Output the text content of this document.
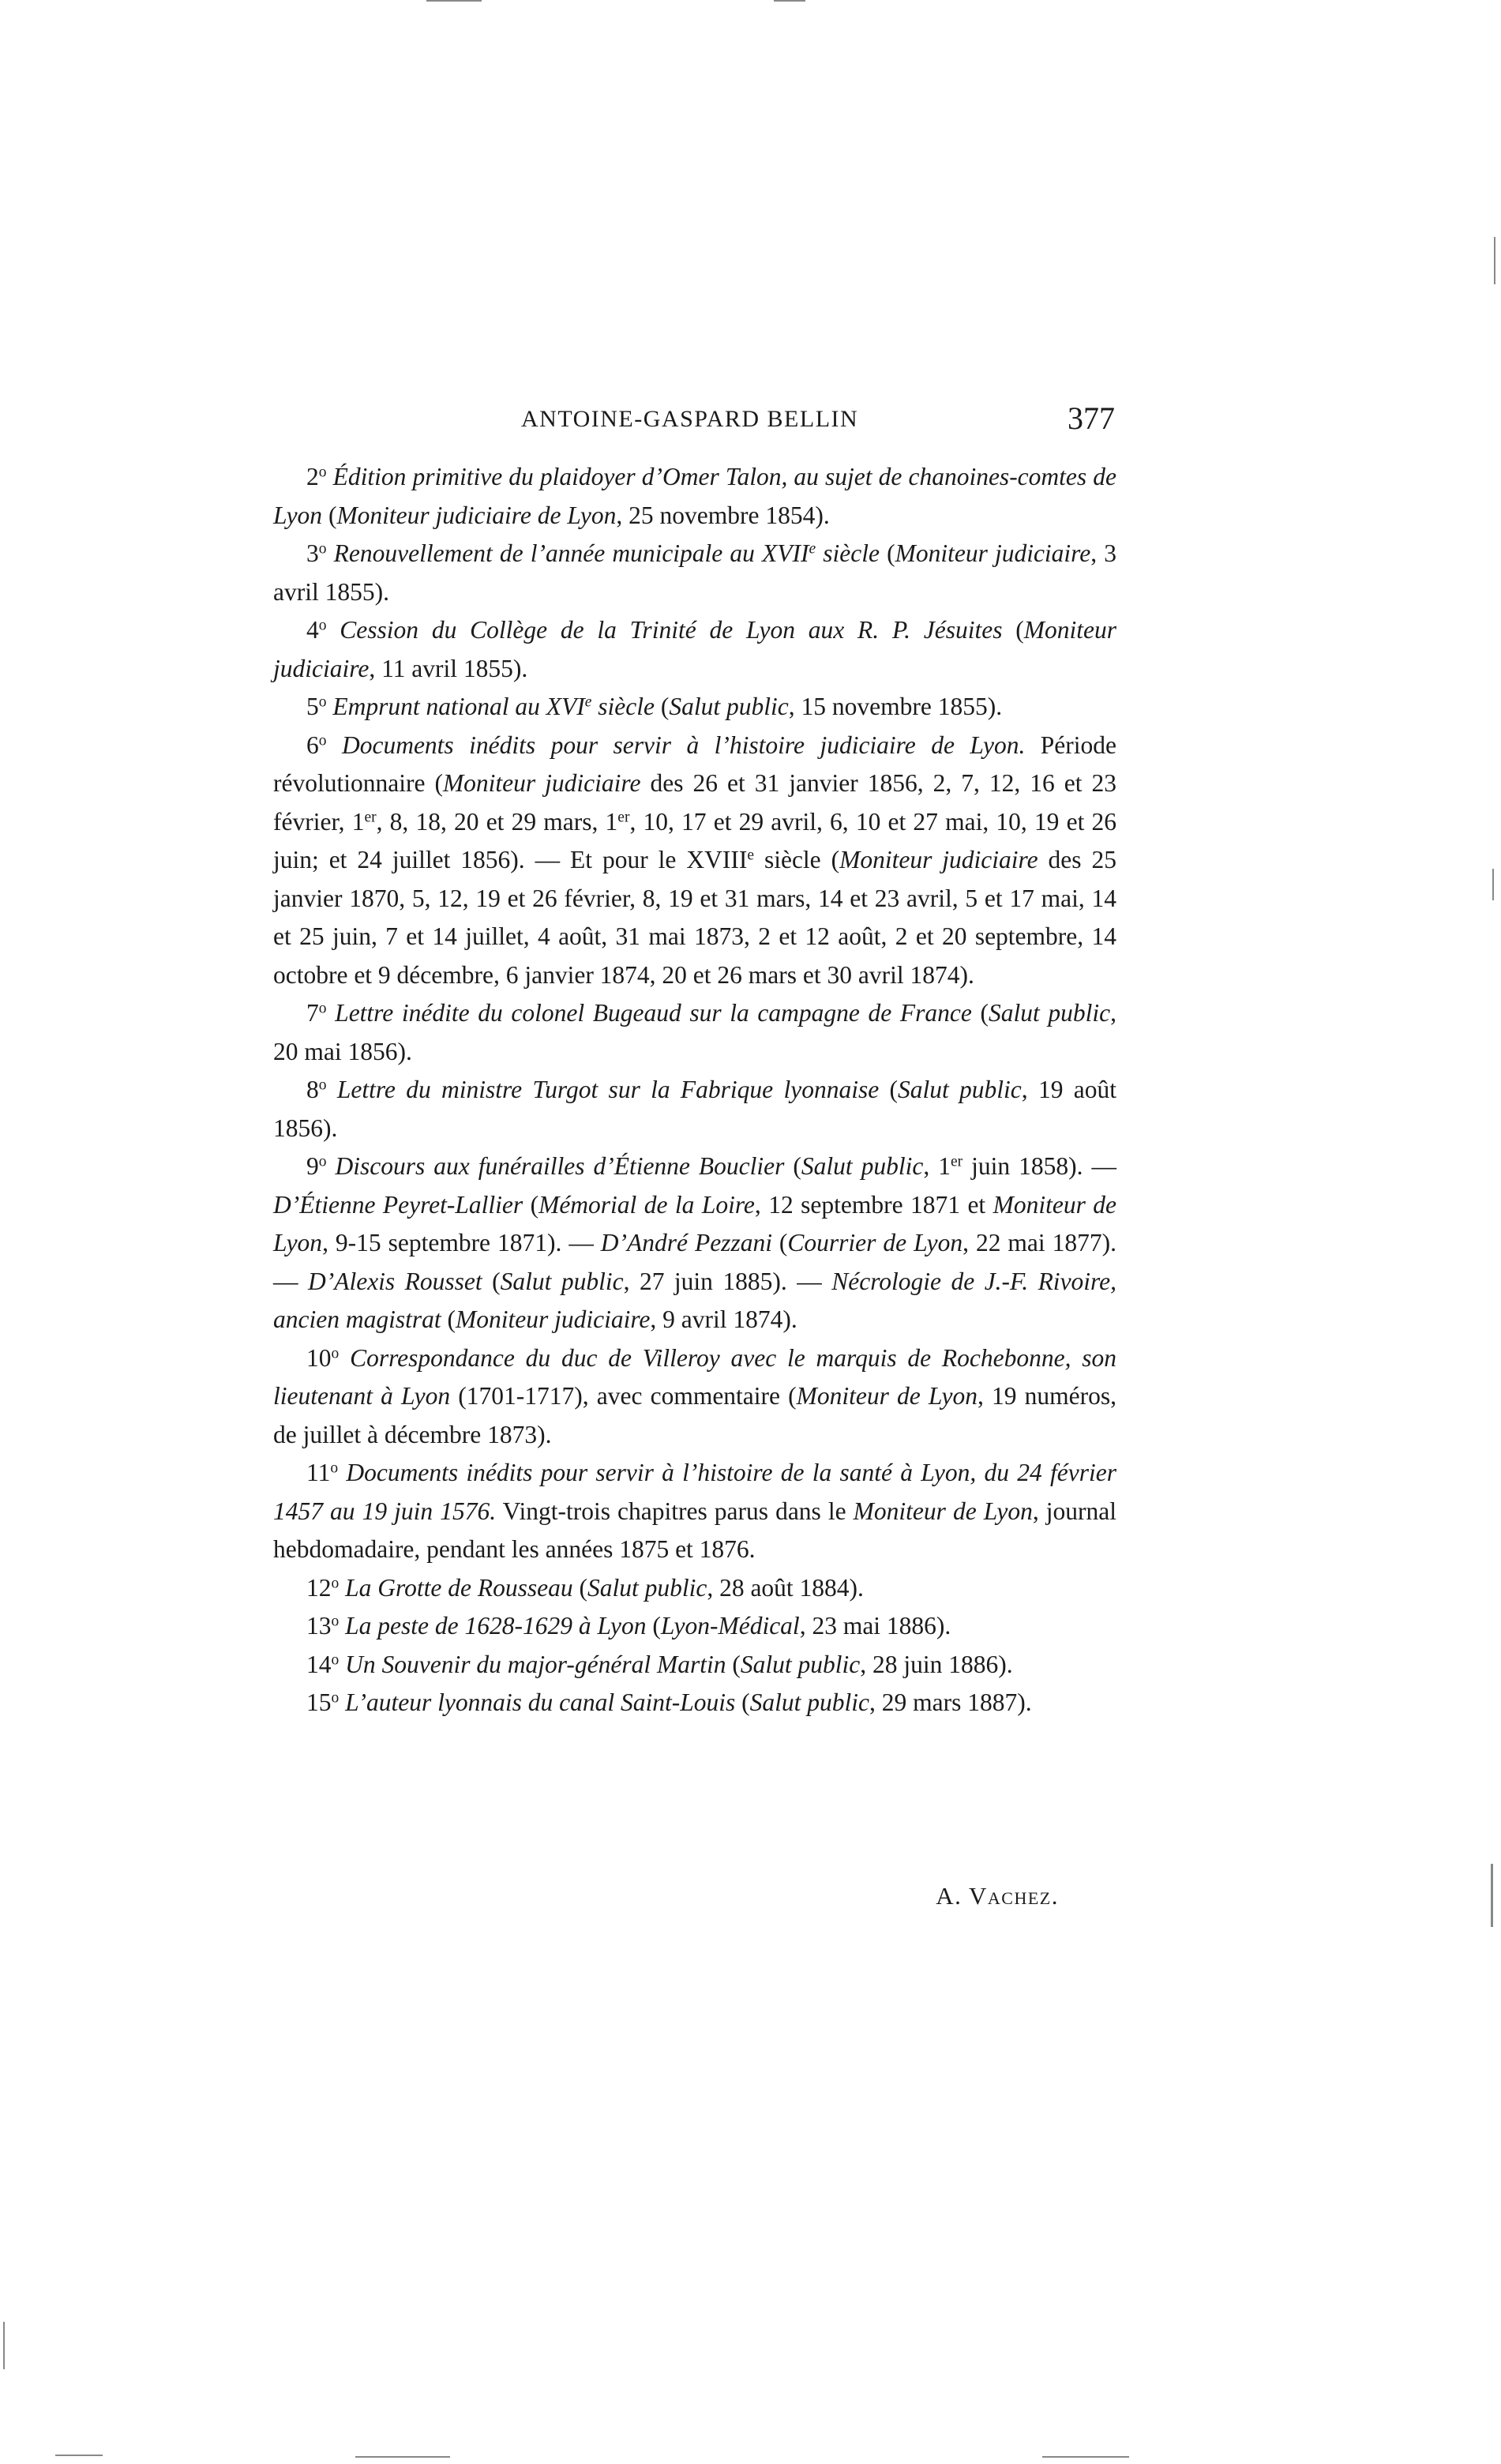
ANTOINE-GASPARD BELLIN	377

2$^o$ Édition primitive du plaidoyer d’Omer Talon, au sujet de chanoines-comtes de Lyon (Moniteur judiciaire de Lyon, 25 novembre 1854).

3$^o$ Renouvellement de l’année municipale au XVIIe siècle (Moniteur judiciaire, 3 avril 1855).

4$^o$ Cession du Collège de la Trinité de Lyon aux R. P. Jésuites (Moniteur judiciaire, 11 avril 1855).

5$^o$ Emprunt national au XVIe siècle (Salut public, 15 novembre 1855).

6$^o$ Documents inédits pour servir à l’histoire judiciaire de Lyon. Période révolutionnaire (Moniteur judiciaire des 26 et 31 janvier 1856, 2, 7, 12, 16 et 23 février, 1er, 8, 18, 20 et 29 mars, 1er, 10, 17 et 29 avril, 6, 10 et 27 mai, 10, 19 et 26 juin; et 24 juillet 1856). — Et pour le XVIIIe siècle (Moniteur judiciaire des 25 janvier 1870, 5, 12, 19 et 26 février, 8, 19 et 31 mars, 14 et 23 avril, 5 et 17 mai, 14 et 25 juin, 7 et 14 juillet, 4 août, 31 mai 1873, 2 et 12 août, 2 et 20 septembre, 14 octobre et 9 décembre, 6 janvier 1874, 20 et 26 mars et 30 avril 1874).

7$^o$ Lettre inédite du colonel Bugeaud sur la campagne de France (Salut public, 20 mai 1856).

8$^o$ Lettre du ministre Turgot sur la Fabrique lyonnaise (Salut public, 19 août 1856).

9$^o$ Discours aux funérailles d’Étienne Bouclier (Salut public, 1er juin 1858). — D’Étienne Peyret-Lallier (Mémorial de la Loire, 12 septembre 1871 et Moniteur de Lyon, 9-15 septembre 1871). — D’André Pezzani (Courrier de Lyon, 22 mai 1877). — D’Alexis Rousset (Salut public, 27 juin 1885). — Nécrologie de J.-F. Rivoire, ancien magistrat (Moniteur judiciaire, 9 avril 1874).

10$^o$ Correspondance du duc de Villeroy avec le marquis de Rochebonne, son lieutenant à Lyon (1701-1717), avec commentaire (Moniteur de Lyon, 19 numéros, de juillet à décembre 1873).

11$^o$ Documents inédits pour servir à l’histoire de la santé à Lyon, du 24 février 1457 au 19 juin 1576. Vingt-trois chapitres parus dans le Moniteur de Lyon, journal hebdomadaire, pendant les années 1875 et 1876.

12$^o$ La Grotte de Rousseau (Salut public, 28 août 1884).

13$^o$ La peste de 1628-1629 à Lyon (Lyon-Médical, 23 mai 1886).

14$^o$ Un Souvenir du major-général Martin (Salut public, 28 juin 1886).

15$^o$ L’auteur lyonnais du canal Saint-Louis (Salut public, 29 mars 1887).

A. Vachez.
